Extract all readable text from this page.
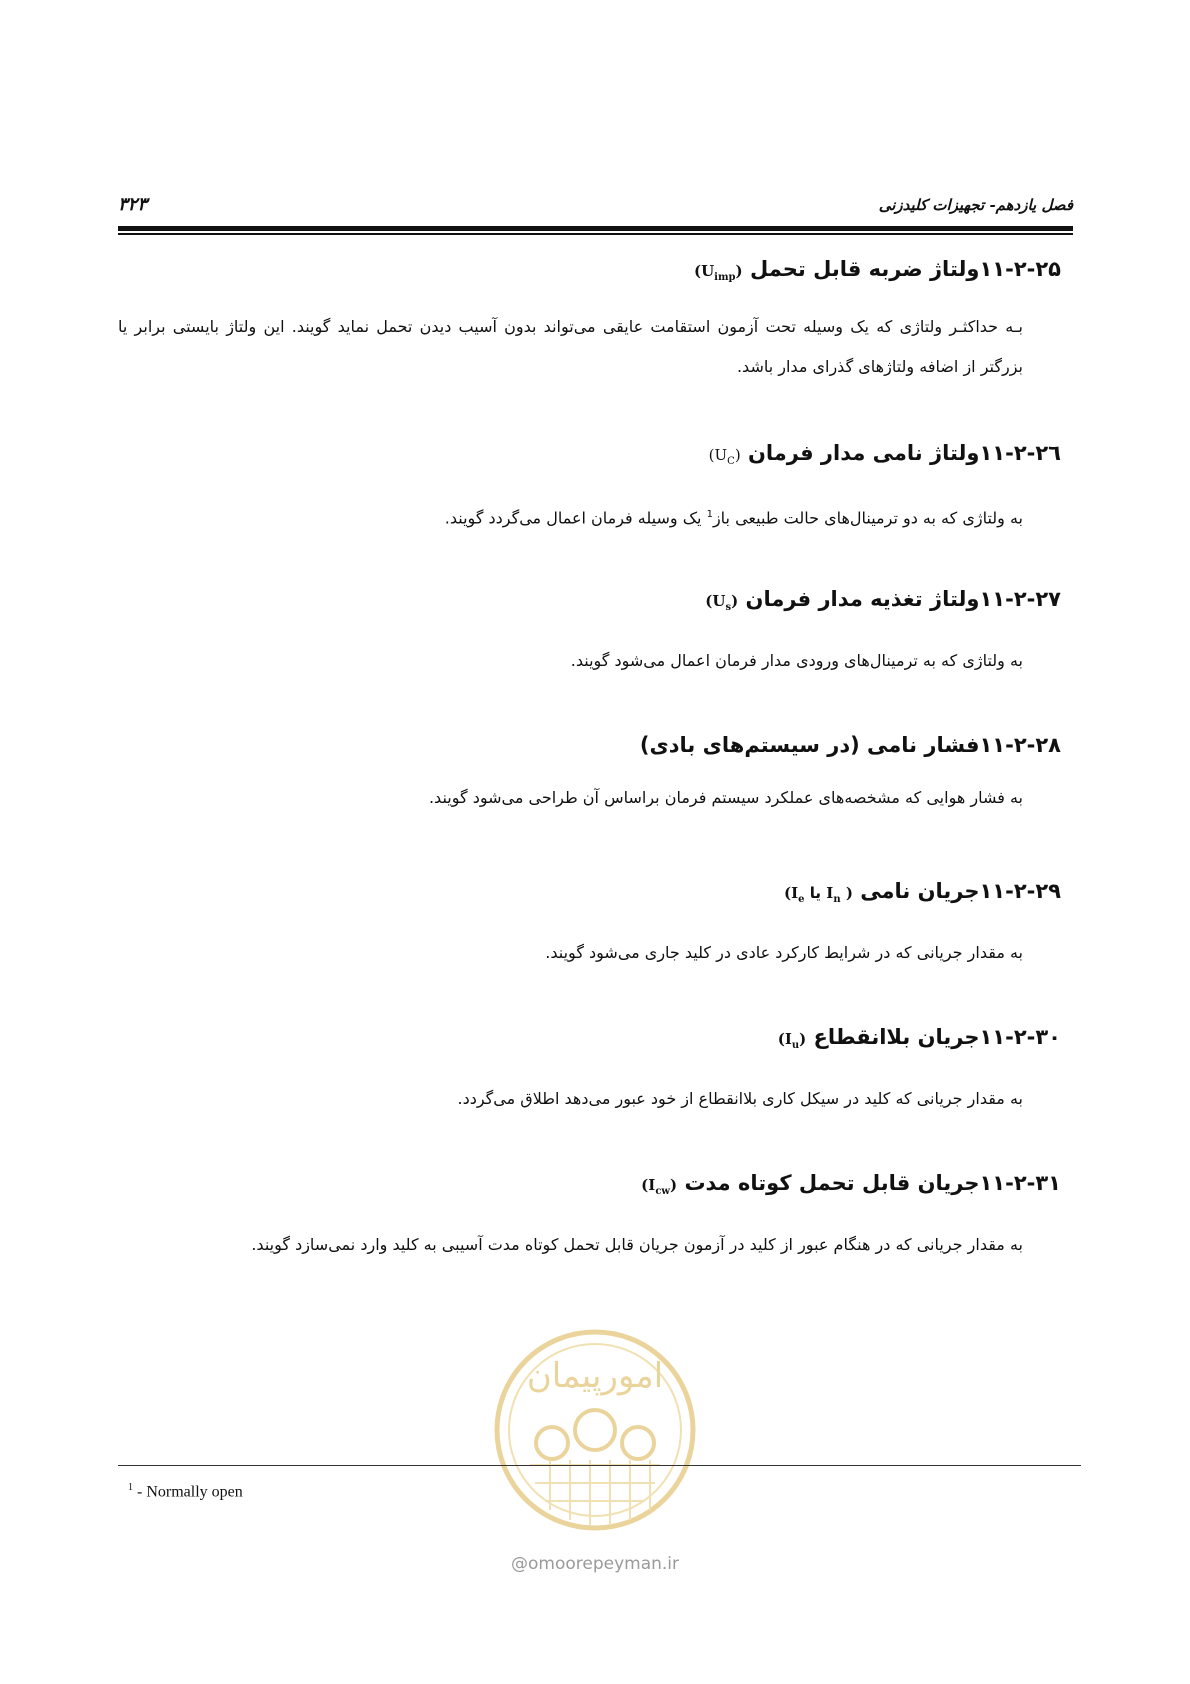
فصل یازدهم- تجهیزات کلیدزنی
۳۲۳
۱۱-۲-۲۵ولتاژ ضربه قابل تحمل $(U_{imp})$
بـه حداکثـر ولتاژی که یک وسیله تحت آزمون استقامت عایقی می‌تواند بدون آسیب دیدن تحمل نماید گویند. این ولتاژ بایستی برابر یا بزرگتر از اضافه ولتاژهای گذرای مدار باشد.
۱۱-۲-۲٦ولتاژ نامی مدار فرمان $(U_C)$
به ولتاژی که به دو ترمینال‌های حالت طبیعی باز$^1$ یک وسیله فرمان اعمال می‌گردد گویند.
۱۱-۲-۲۷ولتاژ تغذیه مدار فرمان $(U_s)$
به ولتاژی که به ترمینال‌های ورودی مدار فرمان اعمال می‌شود گویند.
۱۱-۲-۲۸فشار نامی (در سیستم‌های بادی)
به فشار هوایی که مشخصه‌های عملکرد سیستم فرمان براساس آن طراحی می‌شود گویند.
۱۱-۲-۲۹جریان نامی ( $I_n$ یا $I_e$)
به مقدار جریانی که در شرایط کارکرد عادی در کلید جاری می‌شود گویند.
۱۱-۲-۳۰جریان بلاانقطاع $(I_u)$
به مقدار جریانی که کلید در سیکل کاری بلاانقطاع از خود عبور می‌دهد اطلاق می‌گردد.
۱۱-۲-۳۱جریان قابل تحمل کوتاه مدت $(I_{cw})$
به مقدار جریانی که در هنگام عبور از کلید در آزمون جریان قابل تحمل کوتاه مدت آسیبی به کلید وارد نمی‌سازد گویند.
امورپیمان
$^1$ - Normally open
@omoorepeyman.ir
